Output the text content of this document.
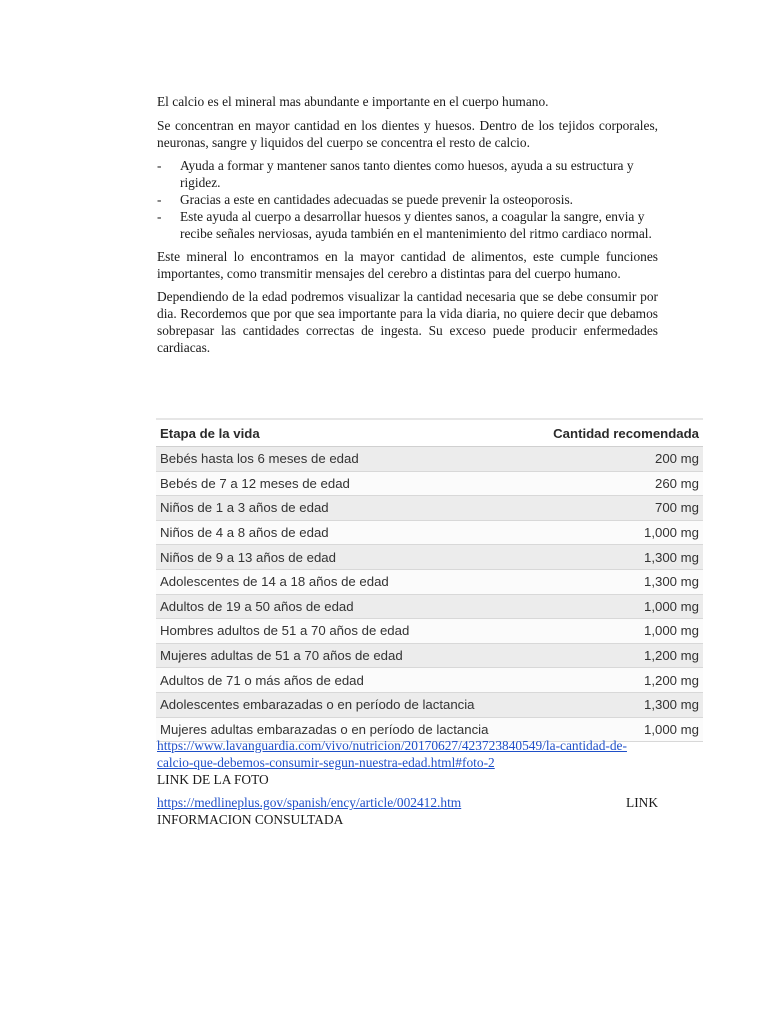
El calcio es el mineral mas abundante e importante en el cuerpo humano.

Se concentran en mayor cantidad en los dientes y huesos. Dentro de los tejidos corporales, neuronas, sangre y liquidos del cuerpo se concentra el resto de calcio.

- Ayuda a formar y mantener sanos tanto dientes como huesos, ayuda a su estructura y rigidez.
- Gracias a este en cantidades adecuadas se puede prevenir la osteoporosis.
- Este ayuda al cuerpo a desarrollar huesos y dientes sanos, a coagular la sangre, envia y recibe señales nerviosas, ayuda también en el mantenimiento del ritmo cardiaco normal.

Este mineral lo encontramos en la mayor cantidad de alimentos, este cumple funciones importantes, como transmitir mensajes del cerebro a distintas para del cuerpo humano.

Dependiendo de la edad podremos visualizar la cantidad necesaria que se debe consumir por dia. Recordemos que por que sea importante para la vida diaria, no quiere decir que debamos sobrepasar las cantidades correctas de ingesta. Su exceso puede producir enfermedades cardiacas.

Etapa de la vida	Cantidad recomendada
Bebés hasta los 6 meses de edad	200 mg
Bebés de 7 a 12 meses de edad	260 mg
Niños de 1 a 3 años de edad	700 mg
Niños de 4 a 8 años de edad	1,000 mg
Niños de 9 a 13 años de edad	1,300 mg
Adolescentes de 14 a 18 años de edad	1,300 mg
Adultos de 19 a 50 años de edad	1,000 mg
Hombres adultos de 51 a 70 años de edad	1,000 mg
Mujeres adultas de 51 a 70 años de edad	1,200 mg
Adultos de 71 o más años de edad	1,200 mg
Adolescentes embarazadas o en período de lactancia	1,300 mg
Mujeres adultas embarazadas o en período de lactancia	1,000 mg

https://www.lavanguardia.com/vivo/nutricion/20170627/423723840549/la-cantidad-de-calcio-que-debemos-consumir-segun-nuestra-edad.html#foto-2

LINK DE LA FOTO

https://medlineplus.gov/spanish/ency/article/002412.htm	LINK

INFORMACION CONSULTADA
